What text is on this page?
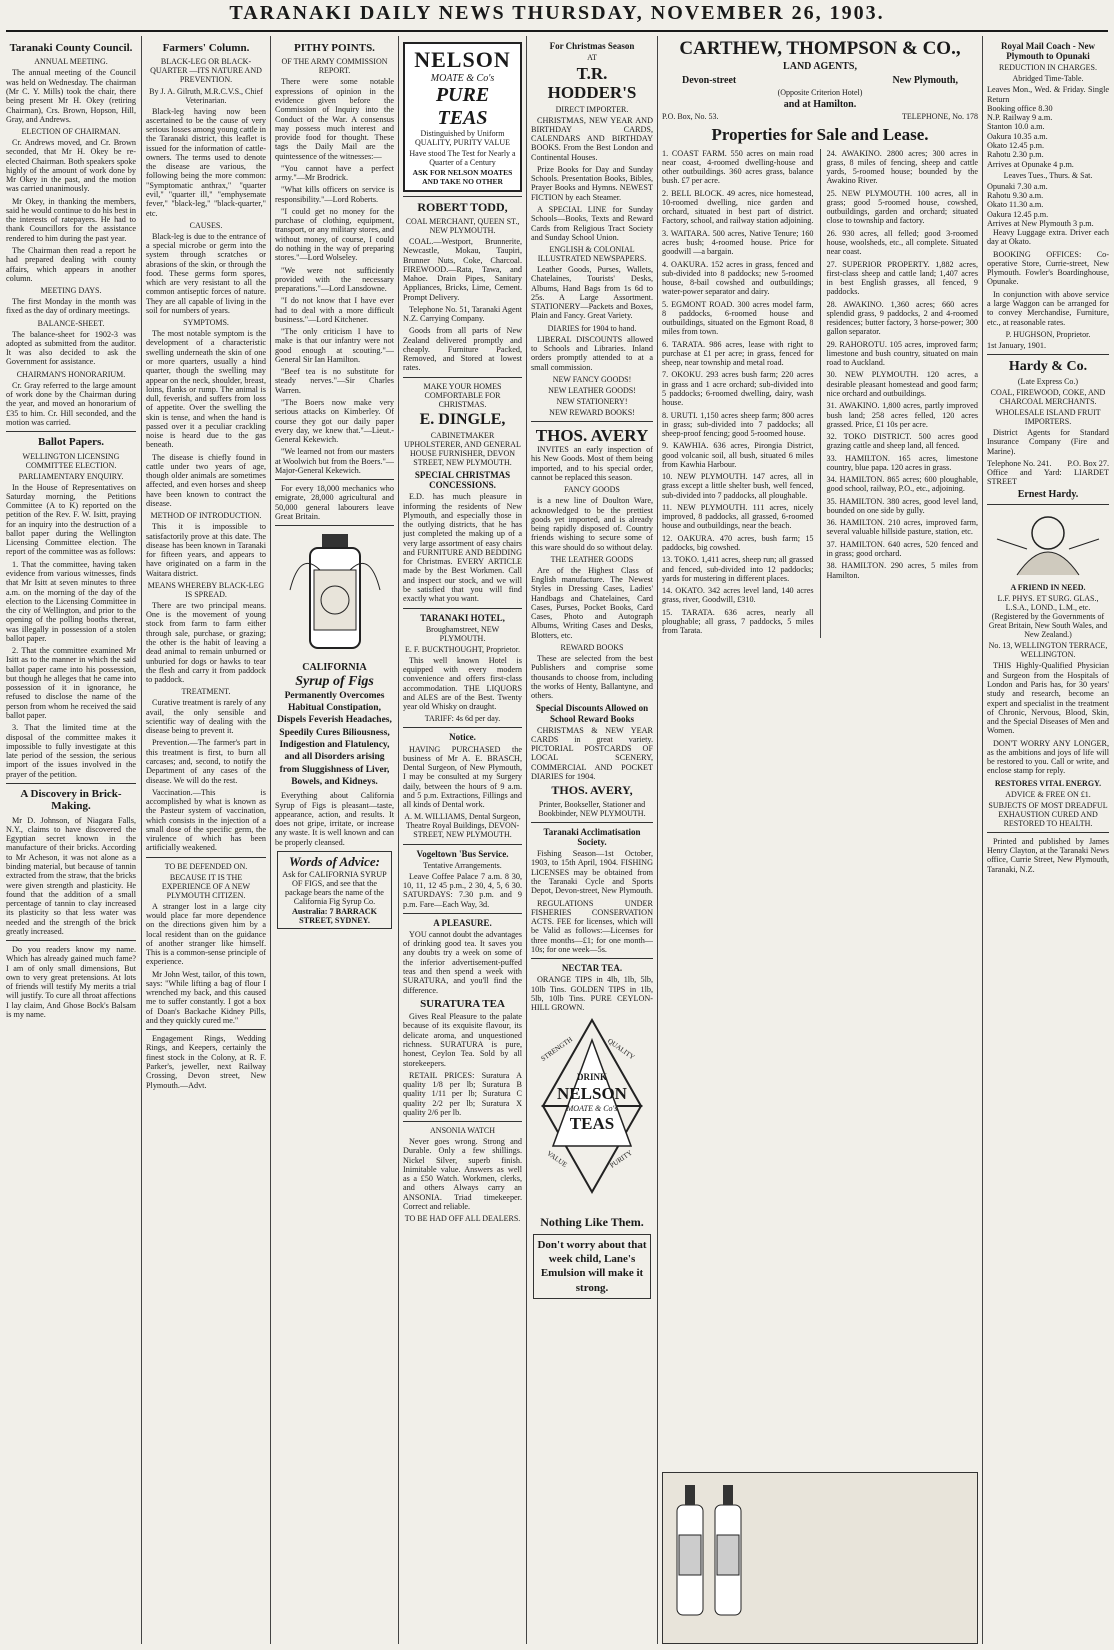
TARANAKI DAILY NEWS THURSDAY, NOVEMBER 26, 1903.
Taranaki County Council.
ANNUAL MEETING.

The annual meeting of the Council was held on Wednesday. The chairman (Mr C. Y. Mills) took the chair, there being present Mr H. Okey (retiring Chairman), Crs. Brown, Hopson, Hill, Gray, and Andrews.

ELECTION OF CHAIRMAN.

Cr. Andrews moved, and Cr. Brown seconded, that Mr H. Okey be re-elected Chairman. Both speakers spoke highly of the amount of work done by Mr Okey in the past, and the motion was carried unanimously.

Mr Okey, in thanking the members, said he would continue to do his best in the interests of ratepayers. He had to thank Councillors for the assistance rendered to him during the past year.

The Chairman then read a report he had prepared dealing with county affairs, which appears in another column.

MEETING DAYS.

The first Monday in the month was fixed as the day of ordinary meetings.

BALANCE-SHEET.

The balance-sheet for 1902-3 was adopted as submitted from the auditor. It was also decided to ask the Government for assistance.

CHAIRMAN'S HONORARIUM.

Cr. Gray referred to the large amount of work done by the Chairman during the year, and moved an honorarium of £35 to him. Cr. Hill seconded, and the motion was carried.

Ballot Papers.
WELLINGTON LICENSING COMMITTEE ELECTION.
PARLIAMENTARY ENQUIRY.

In the House of Representatives on Saturday morning, the Petitions Committee (A to K) reported on the petition of the Rev. F. W. Isitt, praying for an inquiry into the destruction of a ballot paper during the Wellington Licensing Committee election. The report of the committee was as follows:

1. That the committee, having taken evidence from various witnesses, finds that Mr Isitt at seven minutes to three a.m. on the morning of the day of the election to the Licensing Committee in the city of Wellington, and prior to the opening of the polling booths thereat, was illegally in possession of a stolen ballot paper.

2. That the committee examined Mr Isitt as to the manner in which the said ballot paper came into his possession, but though he alleges that he came into possession of it in ignorance, he refused to disclose the name of the person from whom he received the said ballot paper.

3. That the limited time at the disposal of the committee makes it impossible to fully investigate at this late period of the session, the serious import of the issues involved in the prayer of the petition.

A Discovery in Brick-Making.

Mr D. Johnson, of Niagara Falls, N.Y., claims to have discovered the Egyptian secret known in the manufacture of their bricks. According to Mr Acheson, it was not alone as a binding material, but because of tannin extracted from the straw, that the bricks were given strength and plasticity. He found that the addition of a small percentage of tannin to clay increased its plasticity so that less water was needed and the strength of the brick greatly increased.

Do you readers know my name. Which has already gained much fame? I am of only small dimensions, But own to very great pretensions. At lots of friends will testify My merits a trial will justify. To cure all throat affections I lay claim, And Ghose Bock's Balsam is my name.

Farmers' Column.
BLACK-LEG OR BLACK-QUARTER —ITS NATURE AND PREVENTION.
By J. A. Gilruth, M.R.C.V.S., Chief Veterinarian.

Black-leg having now been ascertained to be the cause of very serious losses among young cattle in the Taranaki district, this leaflet is issued for the information of cattle-owners. The terms used to denote the disease are various, the following being the more common: "Symptomatic anthrax," "quarter evil," "quarter ill," "emphysemate fever," "black-leg," "black-quarter," etc.

CAUSES.

Black-leg is due to the entrance of a special microbe or germ into the system through scratches or abrasions of the skin, or through the food. These germs form spores, which are very resistant to all the common antiseptic forces of nature. They are all capable of living in the soil for numbers of years.

SYMPTOMS.

The most notable symptom is the development of a characteristic swelling underneath the skin of one or more quarters, usually a hind quarter, though the swelling may appear on the neck, shoulder, breast, loins, flanks or rump. The animal is dull, feverish, and suffers from loss of appetite. Over the swelling the skin is tense, and when the hand is passed over it a peculiar crackling noise is heard due to the gas beneath.

The disease is chiefly found in cattle under two years of age, though older animals are sometimes affected, and even horses and sheep have been known to contract the disease.

METHOD OF INTRODUCTION.

This it is impossible to satisfactorily prove at this date. The disease has been known in Taranaki for fifteen years, and appears to have originated on a farm in the Waitara district.

MEANS WHEREBY BLACK-LEG IS SPREAD.

There are two principal means. One is the movement of young stock from farm to farm either through sale, purchase, or grazing; the other is the habit of leaving a dead animal to remain unburned or unburied for dogs or hawks to tear the flesh and carry it from paddock to paddock.

TREATMENT.

Curative treatment is rarely of any avail, the only sensible and scientific way of dealing with the disease being to prevent it.

Prevention.—The farmer's part in this treatment is first, to burn all carcases; and, second, to notify the Department of any cases of the disease. We will do the rest.

Vaccination.—This is accomplished by what is known as the Pasteur system of vaccination, which consists in the injection of a small dose of the specific germ, the virulence of which has been artificially weakened.

TO BE DEFENDED ON.
BECAUSE IT IS THE EXPERIENCE OF A NEW PLYMOUTH CITIZEN.

A stranger lost in a large city would place far more dependence on the directions given him by a local resident than on the guidance of another stranger like himself. This is a common-sense principle of experience.

Mr John West, tailor, of this town, says: "While lifting a bag of flour I wrenched my back, and this caused me to suffer constantly. I got a box of Doan's Backache Kidney Pills, and they quickly cured me."

Engagement Rings, Wedding Rings, and Keepers, certainly the finest stock in the Colony, at R. F. Parker's, jeweller, next Railway Crossing, Devon street, New Plymouth.—Advt.

PITHY POINTS.
OF THE ARMY COMMISSION REPORT.

There were some notable expressions of opinion in the evidence given before the Commission of Inquiry into the Conduct of the War. A consensus may possess much interest and provide food for thought. These tags the Daily Mail are the quintessence of the witnesses:—

"You cannot have a perfect army."—Mr Brodrick.

"What kills officers on service is responsibility."—Lord Roberts.

"I could get no money for the purchase of clothing, equipment, transport, or any military stores, and without money, of course, I could do nothing in the way of preparing stores."—Lord Wolseley.

"We were not sufficiently provided with the necessary preparations."—Lord Lansdowne.

"I do not know that I have ever had to deal with a more difficult business."—Lord Kitchener.

"The only criticism I have to make is that our infantry were not good enough at scouting."—General Sir Ian Hamilton.

"Beef tea is no substitute for steady nerves."—Sir Charles Warren.

"The Boers now make very serious attacks on Kimberley. Of course they got our daily paper every day, we knew that."—Lieut.-General Kekewich.

"We learned not from our masters at Woolwich but from the Boers."—Major-General Kekewich.

For every 18,000 mechanics who emigrate, 28,000 agricultural and 50,000 general labourers leave Great Britain.

CALIFORNIA
Syrup of Figs

Permanently Overcomes Habitual Constipation, Dispels Feverish Headaches, Speedily Cures Biliousness, Indigestion and Flatulency, and all Disorders arising from Sluggishness of Liver, Bowels, and Kidneys.

Everything about California Syrup of Figs is pleasant—taste, appearance, action, and results. It does not gripe, irritate, or increase any waste. It is well known and can be properly cleansed.

Words of Advice:
Ask for CALIFORNIA SYRUP OF FIGS, and see that the package bears the name of the California Fig Syrup Co.
Australia: 7 BARRACK STREET, SYDNEY.
NELSON
MOATE & Co's
PURE TEAS
Distinguished by Uniform QUALITY, PURITY VALUE
Have stood The Test for Nearly a Quarter of a Century
ASK FOR NELSON MOATES AND TAKE NO OTHER
ROBERT TODD,
COAL MERCHANT, QUEEN ST., NEW PLYMOUTH.

COAL.—Westport, Brunnerite, Newcastle, Mokau, Taupiri, Brunner Nuts, Coke, Charcoal. FIREWOOD.—Rata, Tawa, and Mahoe. Drain Pipes, Sanitary Appliances, Bricks, Lime, Cement. Prompt Delivery.

Telephone No. 51, Taranaki Agent N.Z. Carrying Company.

Goods from all parts of New Zealand delivered promptly and cheaply. Furniture Packed, Removed, and Stored at lowest rates.

MAKE YOUR HOMES COMFORTABLE FOR CHRISTMAS.
E. DINGLE,
CABINETMAKER UPHOLSTERER, AND GENERAL HOUSE FURNISHER, DEVON STREET, NEW PLYMOUTH.
SPECIAL CHRISTMAS CONCESSIONS.

E.D. has much pleasure in informing the residents of New Plymouth, and especially those in the outlying districts, that he has just completed the making up of a very large assortment of easy chairs and FURNITURE AND BEDDING for Christmas. EVERY ARTICLE made by the Best Workmen. Call and inspect our stock, and we will be satisfied that you will find exactly what you want.

TARANAKI HOTEL,
Broughamstreet, NEW PLYMOUTH.
E. F. BUCKTHOUGHT, Proprietor.

This well known Hotel is equipped with every modern convenience and offers first-class accommodation. THE LIQUORS and ALES are of the Best. Twenty year old Whisky on draught.

TARIFF: 4s 6d per day.
Notice.

HAVING PURCHASED the business of Mr A. E. BRASCH, Dental Surgeon, of New Plymouth, I may be consulted at my Surgery daily, between the hours of 9 a.m. and 5 p.m. Extractions, Fillings and all kinds of Dental work.

A. M. WILLIAMS, Dental Surgeon, Theatre Royal Buildings, DEVON-STREET, NEW PLYMOUTH.
Vogeltown 'Bus Service.
Tentative Arrangements.

Leave Coffee Palace 7 a.m. 8 30, 10, 11, 12 45 p.m., 2 30, 4, 5, 6 30. SATURDAYS: 7.30 p.m. and 9 p.m. Fare—Each Way, 3d.

A PLEASURE.

YOU cannot doubt the advantages of drinking good tea. It saves you any doubts try a week on some of the inferior advertisement-puffed teas and then spend a week with SURATURA, and you'll find the difference.

SURATURA TEA

Gives Real Pleasure to the palate because of its exquisite flavour, its delicate aroma, and unquestioned richness. SURATURA is pure, honest, Ceylon Tea. Sold by all storekeepers.

RETAIL PRICES: Suratura A quality 1/8 per lb; Suratura B quality 1/11 per lb; Suratura C quality 2/2 per lb; Suratura X quality 2/6 per lb.

ANSONIA WATCH

Never goes wrong. Strong and Durable. Only a few shillings. Nickel Silver, superb finish. Inimitable value. Answers as well as a £50 Watch. Workmen, clerks, and others Always carry an ANSONIA. Triad timekeeper. Correct and reliable.

TO BE HAD OFF ALL DEALERS.
For Christmas Season
AT
T.R. HODDER'S
DIRECT IMPORTER.

CHRISTMAS, NEW YEAR AND BIRTHDAY CARDS, CALENDARS AND BIRTHDAY BOOKS. From the Best London and Continental Houses.

Prize Books for Day and Sunday Schools. Presentation Books, Bibles, Prayer Books and Hymns. NEWEST FICTION by each Steamer.

A SPECIAL LINE for Sunday Schools—Books, Texts and Reward Cards from Religious Tract Society and Sunday School Union.

ENGLISH & COLONIAL ILLUSTRATED NEWSPAPERS.

Leather Goods, Purses, Wallets, Chatelaines, Tourists' Desks, Albums, Hand Bags from 1s 6d to 25s. A Large Assortment. STATIONERY—Packets and Boxes, Plain and Fancy. Great Variety.

DIARIES for 1904 to hand.

LIBERAL DISCOUNTS allowed to Schools and Libraries. Inland orders promptly attended to at a small commission.

NEW FANCY GOODS!
NEW LEATHER GOODS!
NEW STATIONERY!
NEW REWARD BOOKS!
THOS. AVERY

INVITES an early inspection of his New Goods. Most of them being imported, and to his special order, cannot be replaced this season.

FANCY GOODS

is a new line of Doulton Ware, acknowledged to be the prettiest goods yet imported, and is already being rapidly disposed of. Country friends wishing to secure some of this ware should do so without delay.

THE LEATHER GOODS

Are of the Highest Class of English manufacture. The Newest Styles in Dressing Cases, Ladies' Handbags and Chatelaines, Card Cases, Purses, Pocket Books, Card Cases, Photo and Autograph Albums, Writing Cases and Desks, Blotters, etc.

REWARD BOOKS

These are selected from the best Publishers and comprise some thousands to choose from, including the works of Henty, Ballantyne, and others.

Special Discounts Allowed on School Reward Books

CHRISTMAS & NEW YEAR CARDS in great variety. PICTORIAL POSTCARDS OF LOCAL SCENERY, COMMERCIAL AND POCKET DIARIES for 1904.

THOS. AVERY,
Printer, Bookseller, Stationer and Bookbinder, NEW PLYMOUTH.
Taranaki Acclimatisation Society.

Fishing Season—1st October, 1903, to 15th April, 1904. FISHING LICENSES may be obtained from the Taranaki Cycle and Sports Depot, Devon-street, New Plymouth.

REGULATIONS UNDER FISHERIES CONSERVATION ACTS. FEE for licenses, which will be Valid as follows:—Licenses for three months—£1; for one month—10s; for one week—5s.

NECTAR TEA.

ORANGE TIPS in 4lb, 1lb, 5lb, 10lb Tins. GOLDEN TIPS in 1lb, 5lb, 10lb Tins. PURE CEYLON-HILL GROWN.

DRINK
NELSON
MOATE & Co's
TEAS
QUALITY
STRENGTH
VALUE	PURITY
Nothing Like Them.
Don't worry about that week child, Lane's Emulsion will make it strong.
CARTHEW, THOMPSON & CO.,
LAND AGENTS,
Devon-street	New Plymouth,
(Opposite Criterion Hotel)
and at Hamilton.
P.O. Box, No. 53.	TELEPHONE, No. 178
Properties for Sale and Lease.

1. COAST FARM. 550 acres on main road near coast, 4-roomed dwelling-house and other outbuildings. 360 acres grass, balance bush. £7 per acre.

2. BELL BLOCK. 49 acres, nice homestead, 10-roomed dwelling, nice garden and orchard, situated in best part of district. Factory, school, and railway station adjoining.

3. WAITARA. 500 acres, Native Tenure; 160 acres bush; 4-roomed house. Price for goodwill —a bargain.

4. OAKURA. 152 acres in grass, fenced and sub-divided into 8 paddocks; new 5-roomed house, 8-bail cowshed and outbuildings; water-power separator and dairy.

5. EGMONT ROAD. 300 acres model farm, 8 paddocks, 6-roomed house and outbuildings, situated on the Egmont Road, 8 miles from town.

6. TARATA. 986 acres, lease with right to purchase at £1 per acre; in grass, fenced for sheep, near township and metal road.

7. OKOKU. 293 acres bush farm; 220 acres in grass and 1 acre orchard; sub-divided into 5 paddocks; 6-roomed dwelling, dairy, wash house.

8. URUTI. 1,150 acres sheep farm; 800 acres in grass; sub-divided into 7 paddocks; all sheep-proof fencing; good 5-roomed house.

9. KAWHIA. 636 acres, Pirongia District, good volcanic soil, all bush, situated 6 miles from Kawhia Harbour.

10. NEW PLYMOUTH. 147 acres, all in grass except a little shelter bush, well fenced, sub-divided into 7 paddocks, all ploughable.

11. NEW PLYMOUTH. 111 acres, nicely improved, 8 paddocks, all grassed, 6-roomed house and outbuildings, near the beach.

12. OAKURA. 470 acres, bush farm; 15 paddocks, big cowshed.

13. TOKO. 1,411 acres, sheep run; all grassed and fenced, sub-divided into 12 paddocks; yards for mustering in different places.

14. OKATO. 342 acres level land, 140 acres grass, river, Goodwill, £310.

15. TARATA. 636 acres, nearly all ploughable; all grass, 7 paddocks, 5 miles from Tarata.

24. AWAKINO. 2800 acres; 300 acres in grass, 8 miles of fencing, sheep and cattle yards, 5-roomed house; bounded by the Awakino River.

25. NEW PLYMOUTH. 100 acres, all in grass; good 5-roomed house, cowshed, outbuildings, garden and orchard; situated close to township and factory.

26. 930 acres, all felled; good 3-roomed house, woolsheds, etc., all complete. Situated near coast.

27. SUPERIOR PROPERTY. 1,882 acres, first-class sheep and cattle land; 1,407 acres in best English grasses, all fenced, 9 paddocks.

28. AWAKINO. 1,360 acres; 660 acres splendid grass, 9 paddocks, 2 and 4-roomed residences; butter factory, 3 horse-power; 300 gallon separator.

29. RAHOROTU. 105 acres, improved farm; limestone and bush country, situated on main road to Auckland.

30. NEW PLYMOUTH. 120 acres, a desirable pleasant homestead and good farm; nice orchard and outbuildings.

31. AWAKINO. 1,800 acres, partly improved bush land; 258 acres felled, 120 acres grassed. Price, £1 10s per acre.

32. TOKO DISTRICT. 500 acres good grazing cattle and sheep land, all fenced.

33. HAMILTON. 165 acres, limestone country, blue papa. 120 acres in grass.

34. HAMILTON. 865 acres; 600 ploughable, good school, railway, P.O., etc., adjoining.

35. HAMILTON. 380 acres, good level land, bounded on one side by gully.

36. HAMILTON. 210 acres, improved farm, several valuable hillside pasture, station, etc.

37. HAMILTON. 640 acres, 520 fenced and in grass; good orchard.

38. HAMILTON. 290 acres, 5 miles from Hamilton.

Royal Mail Coach - New Plymouth to Opunaki
REDUCTION IN CHARGES.
Abridged Time-Table.
Leaves Mon., Wed. & Friday. Single Return
Booking office 8.30
N.P. Railway 9 a.m.
Stanton 10.0 a.m.
Oakura 10.35 a.m.
Okato 12.45 p.m.
Rahotu 2.30 p.m.
Arrives at Opunake 4 p.m.
Leaves Tues., Thurs. & Sat.
Opunaki 7.30 a.m.
Rahotu 9.30 a.m.
Okato 11.30 a.m.
Oakura 12.45 p.m.
Arrives at New Plymouth 3 p.m.

Heavy Luggage extra. Driver each day at Okato.

BOOKING OFFICES: Co-operative Store, Currie-street, New Plymouth. Fowler's Boardinghouse, Opunake.

In conjunction with above service a large Waggon can be arranged for to convey Merchandise, Furniture, etc., at reasonable rates.

P. HUGHSON, Proprietor.
1st January, 1901.
Hardy & Co.
(Late Express Co.)
COAL, FIREWOOD, COKE, AND CHARCOAL MERCHANTS.
WHOLESALE ISLAND FRUIT IMPORTERS.

District Agents for Standard Insurance Company (Fire and Marine).

Telephone No. 241. P.O. Box 27.
Office and Yard: LIARDET STREET
Ernest Hardy.
A FRIEND IN NEED.
L.F. PHYS. ET SURG. GLAS., L.S.A., LOND., L.M., etc. (Registered by the Governments of Great Britain, New South Wales, and New Zealand.)
No. 13, WELLINGTON TERRACE, WELLINGTON.

THIS Highly-Qualified Physician and Surgeon from the Hospitals of London and Paris has, for 30 years' study and research, become an expert and specialist in the treatment of Chronic, Nervous, Blood, Skin, and the Special Diseases of Men and Women.

DON'T WORRY ANY LONGER, as the ambitions and joys of life will be restored to you. Call or write, and enclose stamp for reply.

RESTORES VITAL ENERGY.
ADVICE & FREE ON £1.
SUBJECTS OF MOST DREADFUL EXHAUSTION CURED AND RESTORED TO HEALTH.

Printed and published by James Henry Clayton, at the Taranaki News office, Currie Street, New Plymouth, Taranaki, N.Z.
